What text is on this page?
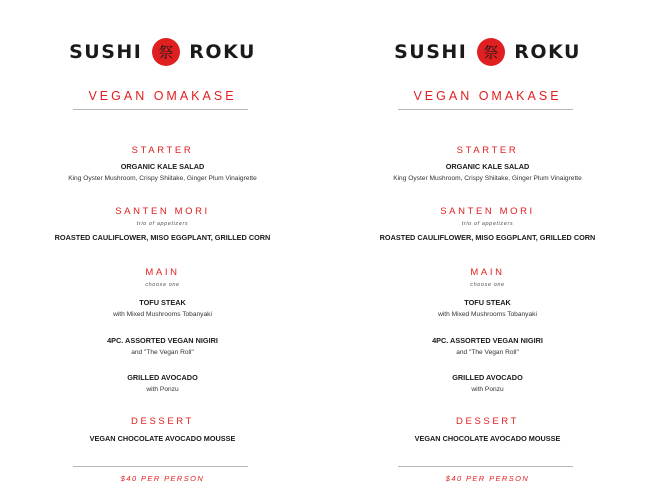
SUSHI 祭 ROKU
VEGAN OMAKASE
STARTER
ORGANIC KALE SALAD
King Oyster Mushroom, Crispy Shiitake, Ginger Plum Vinaigrette
SANTEN MORI
trio of appetizers
ROASTED CAULIFLOWER, MISO EGGPLANT, GRILLED CORN
MAIN
choose one
TOFU STEAK
with Mixed Mushrooms Tobanyaki
4PC. ASSORTED VEGAN NIGIRI
and "The Vegan Roll"
GRILLED AVOCADO
with Ponzu
DESSERT
VEGAN CHOCOLATE AVOCADO MOUSSE
$40 PER PERSON
SUSHI 祭 ROKU
VEGAN OMAKASE
STARTER
ORGANIC KALE SALAD
King Oyster Mushroom, Crispy Shiitake, Ginger Plum Vinaigrette
SANTEN MORI
trio of appetizers
ROASTED CAULIFLOWER, MISO EGGPLANT, GRILLED CORN
MAIN
choose one
TOFU STEAK
with Mixed Mushrooms Tobanyaki
4PC. ASSORTED VEGAN NIGIRI
and "The Vegan Roll"
GRILLED AVOCADO
with Ponzu
DESSERT
VEGAN CHOCOLATE AVOCADO MOUSSE
$40 PER PERSON
